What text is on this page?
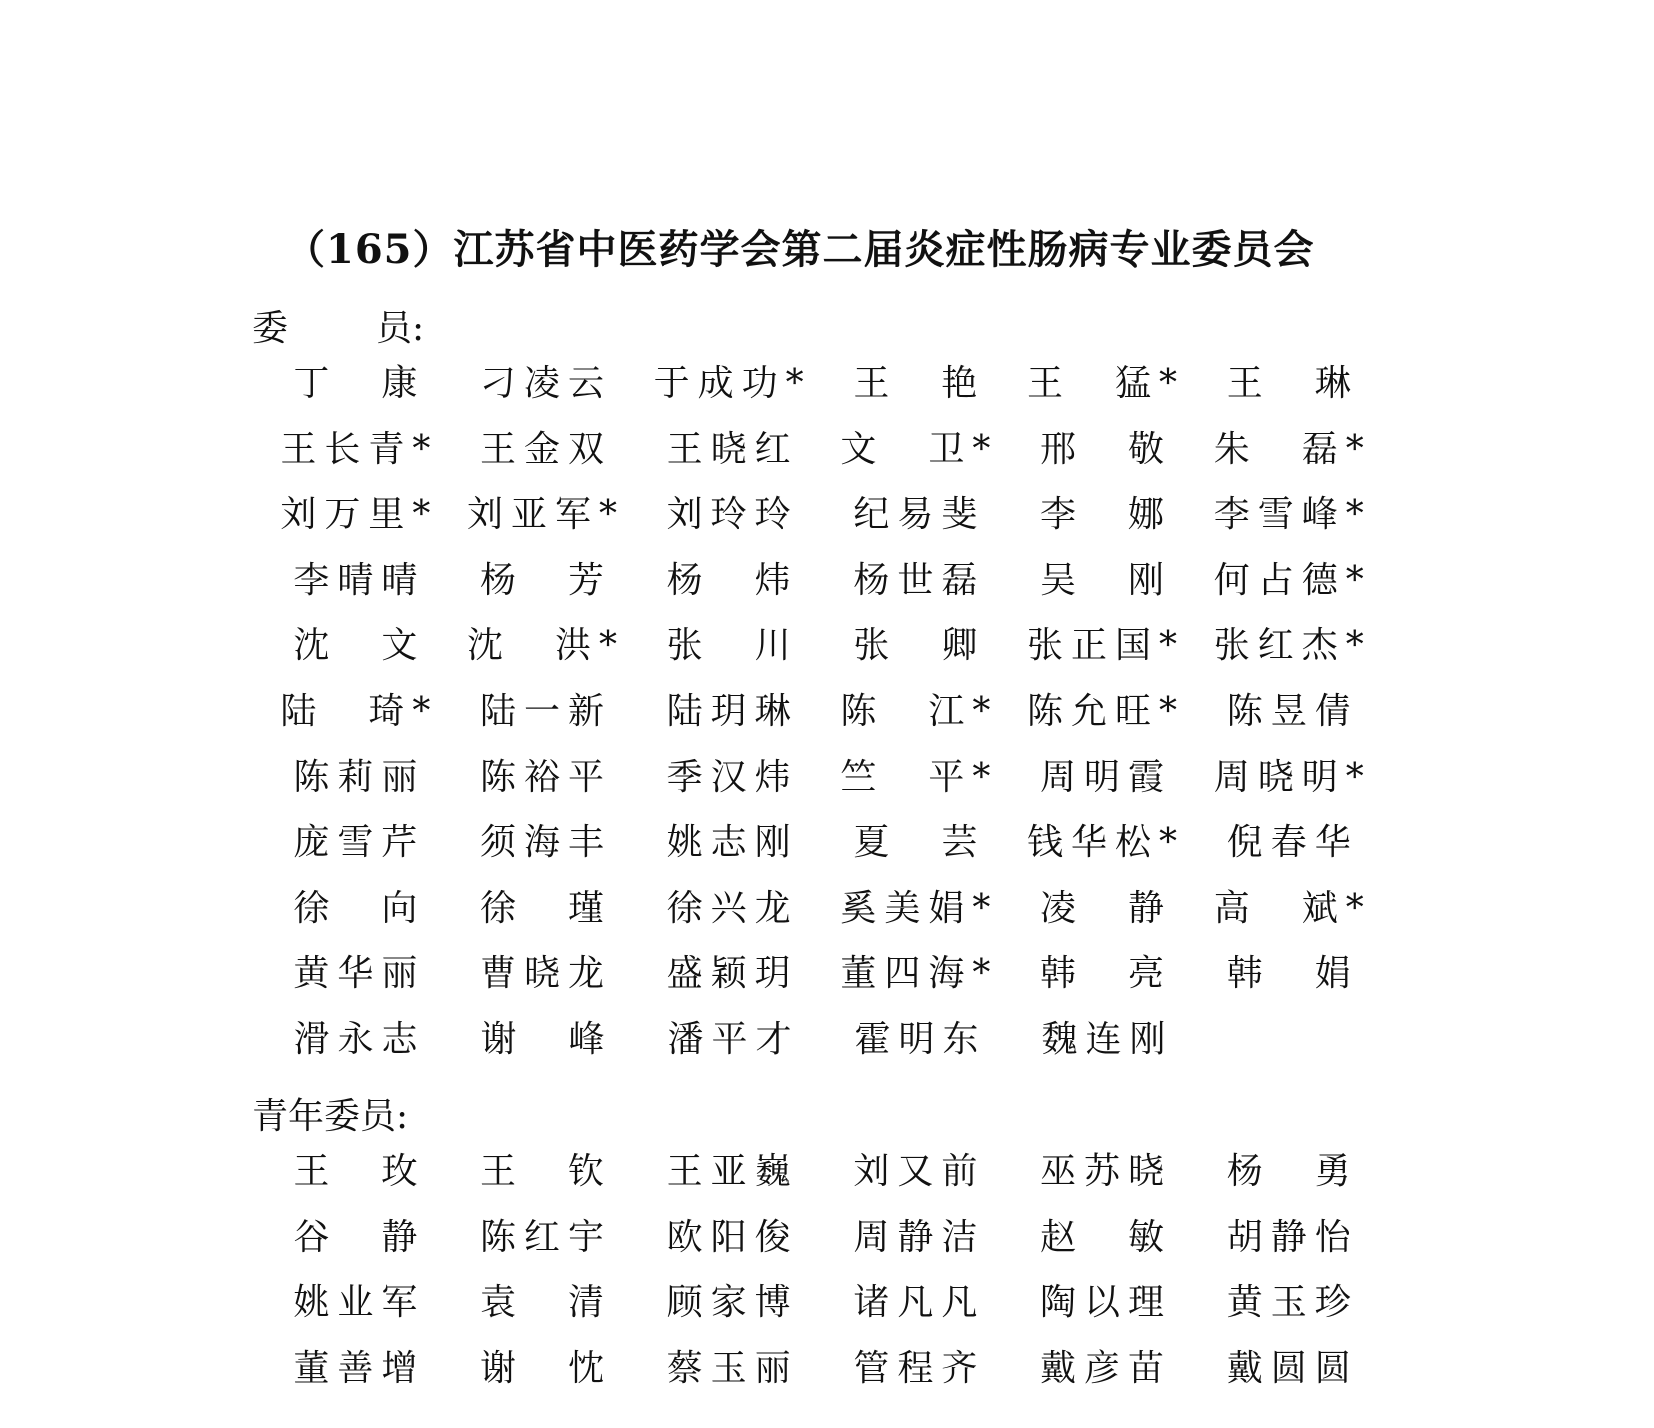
（165）江苏省中医药学会第二届炎症性肠病专业委员会
委 员:
丁　康	刁凌云	于成功*	王　艳	王　猛*	王　琳
王长青*	王金双	王晓红	文　卫*	邢　敬	朱　磊*
刘万里* 刘亚军*	刘玲玲	纪易斐	李　娜	李雪峰*
李晴晴	杨　芳	杨　炜	杨世磊	吴　刚	何占德*
沈　文	沈　洪*	张　川	张　卿	张正国* 张红杰*
陆　琦*	陆一新	陆玥琳	陈　江* 陈允旺*	陈昱倩
陈莉丽	陈裕平	季汉炜	竺　平*	周明霞	周晓明*
庞雪芹	须海丰	姚志刚	夏　芸	钱华松*	倪春华
徐　向	徐　瑾	徐兴龙	奚美娟*	凌　静	高　斌*
黄华丽	曹晓龙	盛颖玥	董四海*	韩　亮	韩　娟
滑永志	谢　峰	潘平才	霍明东	魏连刚
青年委员:
王　玫	王　钦	王亚巍	刘又前	巫苏晓	杨　勇
谷　静	陈红宇	欧阳俊	周静洁	赵　敏	胡静怡
姚业军	袁　清	顾家博	诸凡凡	陶以理	黄玉珍
董善增	谢　忱	蔡玉丽	管程齐	戴彦苗	戴圆圆
